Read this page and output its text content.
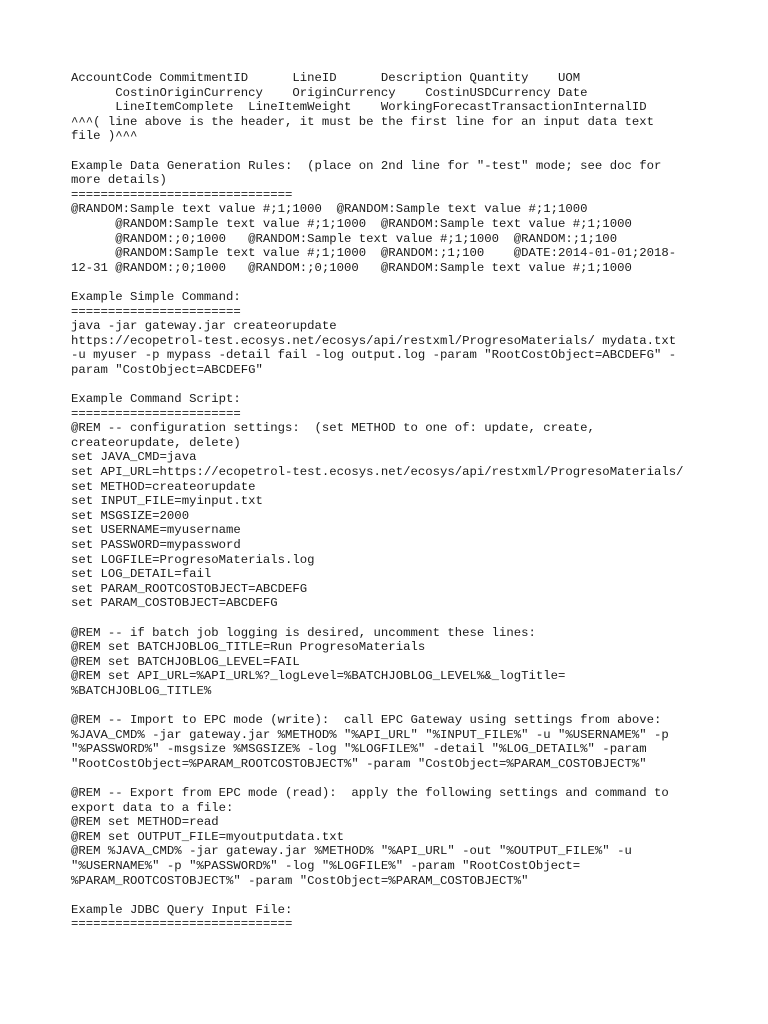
AccountCode CommitmentID      LineID      Description Quantity    UOM
CostinOriginCurrency    OriginCurrency    CostinUSDCurrency Date
LineItemComplete  LineItemWeight    WorkingForecastTransactionInternalID
^^^( line above is the header, it must be the first line for an input data text
file )^^^
Example Data Generation Rules:  (place on 2nd line for "-test" mode; see doc for
more details)
==============================
@RANDOM:Sample text value #;1;1000  @RANDOM:Sample text value #;1;1000
@RANDOM:Sample text value #;1;1000  @RANDOM:Sample text value #;1;1000
@RANDOM:;0;1000   @RANDOM:Sample text value #;1;1000  @RANDOM:;1;100
@RANDOM:Sample text value #;1;1000  @RANDOM:;1;100    @DATE:2014-01-01;2018-
12-31 @RANDOM:;0;1000   @RANDOM:;0;1000   @RANDOM:Sample text value #;1;1000
Example Simple Command:
=======================
java -jar gateway.jar createorupdate
https://ecopetrol-test.ecosys.net/ecosys/api/restxml/ProgresoMaterials/ mydata.txt
-u myuser -p mypass -detail fail -log output.log -param "RootCostObject=ABCDEFG" -
param "CostObject=ABCDEFG"
Example Command Script:
=======================
@REM -- configuration settings:  (set METHOD to one of: update, create,
createorupdate, delete)
set JAVA_CMD=java
set API_URL=https://ecopetrol-test.ecosys.net/ecosys/api/restxml/ProgresoMaterials/
set METHOD=createorupdate
set INPUT_FILE=myinput.txt
set MSGSIZE=2000
set USERNAME=myusername
set PASSWORD=mypassword
set LOGFILE=ProgresoMaterials.log
set LOG_DETAIL=fail
set PARAM_ROOTCOSTOBJECT=ABCDEFG
set PARAM_COSTOBJECT=ABCDEFG
@REM -- if batch job logging is desired, uncomment these lines:
@REM set BATCHJOBLOG_TITLE=Run ProgresoMaterials
@REM set BATCHJOBLOG_LEVEL=FAIL
@REM set API_URL=%API_URL%?_logLevel=%BATCHJOBLOG_LEVEL%&_logTitle=
%BATCHJOBLOG_TITLE%
@REM -- Import to EPC mode (write):  call EPC Gateway using settings from above:
%JAVA_CMD% -jar gateway.jar %METHOD% "%API_URL" "%INPUT_FILE%" -u "%USERNAME%" -p
"%PASSWORD%" -msgsize %MSGSIZE% -log "%LOGFILE%" -detail "%LOG_DETAIL%" -param
"RootCostObject=%PARAM_ROOTCOSTOBJECT%" -param "CostObject=%PARAM_COSTOBJECT%"
@REM -- Export from EPC mode (read):  apply the following settings and command to
export data to a file:
@REM set METHOD=read
@REM set OUTPUT_FILE=myoutputdata.txt
@REM %JAVA_CMD% -jar gateway.jar %METHOD% "%API_URL" -out "%OUTPUT_FILE%" -u
"%USERNAME%" -p "%PASSWORD%" -log "%LOGFILE%" -param "RootCostObject=
%PARAM_ROOTCOSTOBJECT%" -param "CostObject=%PARAM_COSTOBJECT%"
Example JDBC Query Input File:
==============================
